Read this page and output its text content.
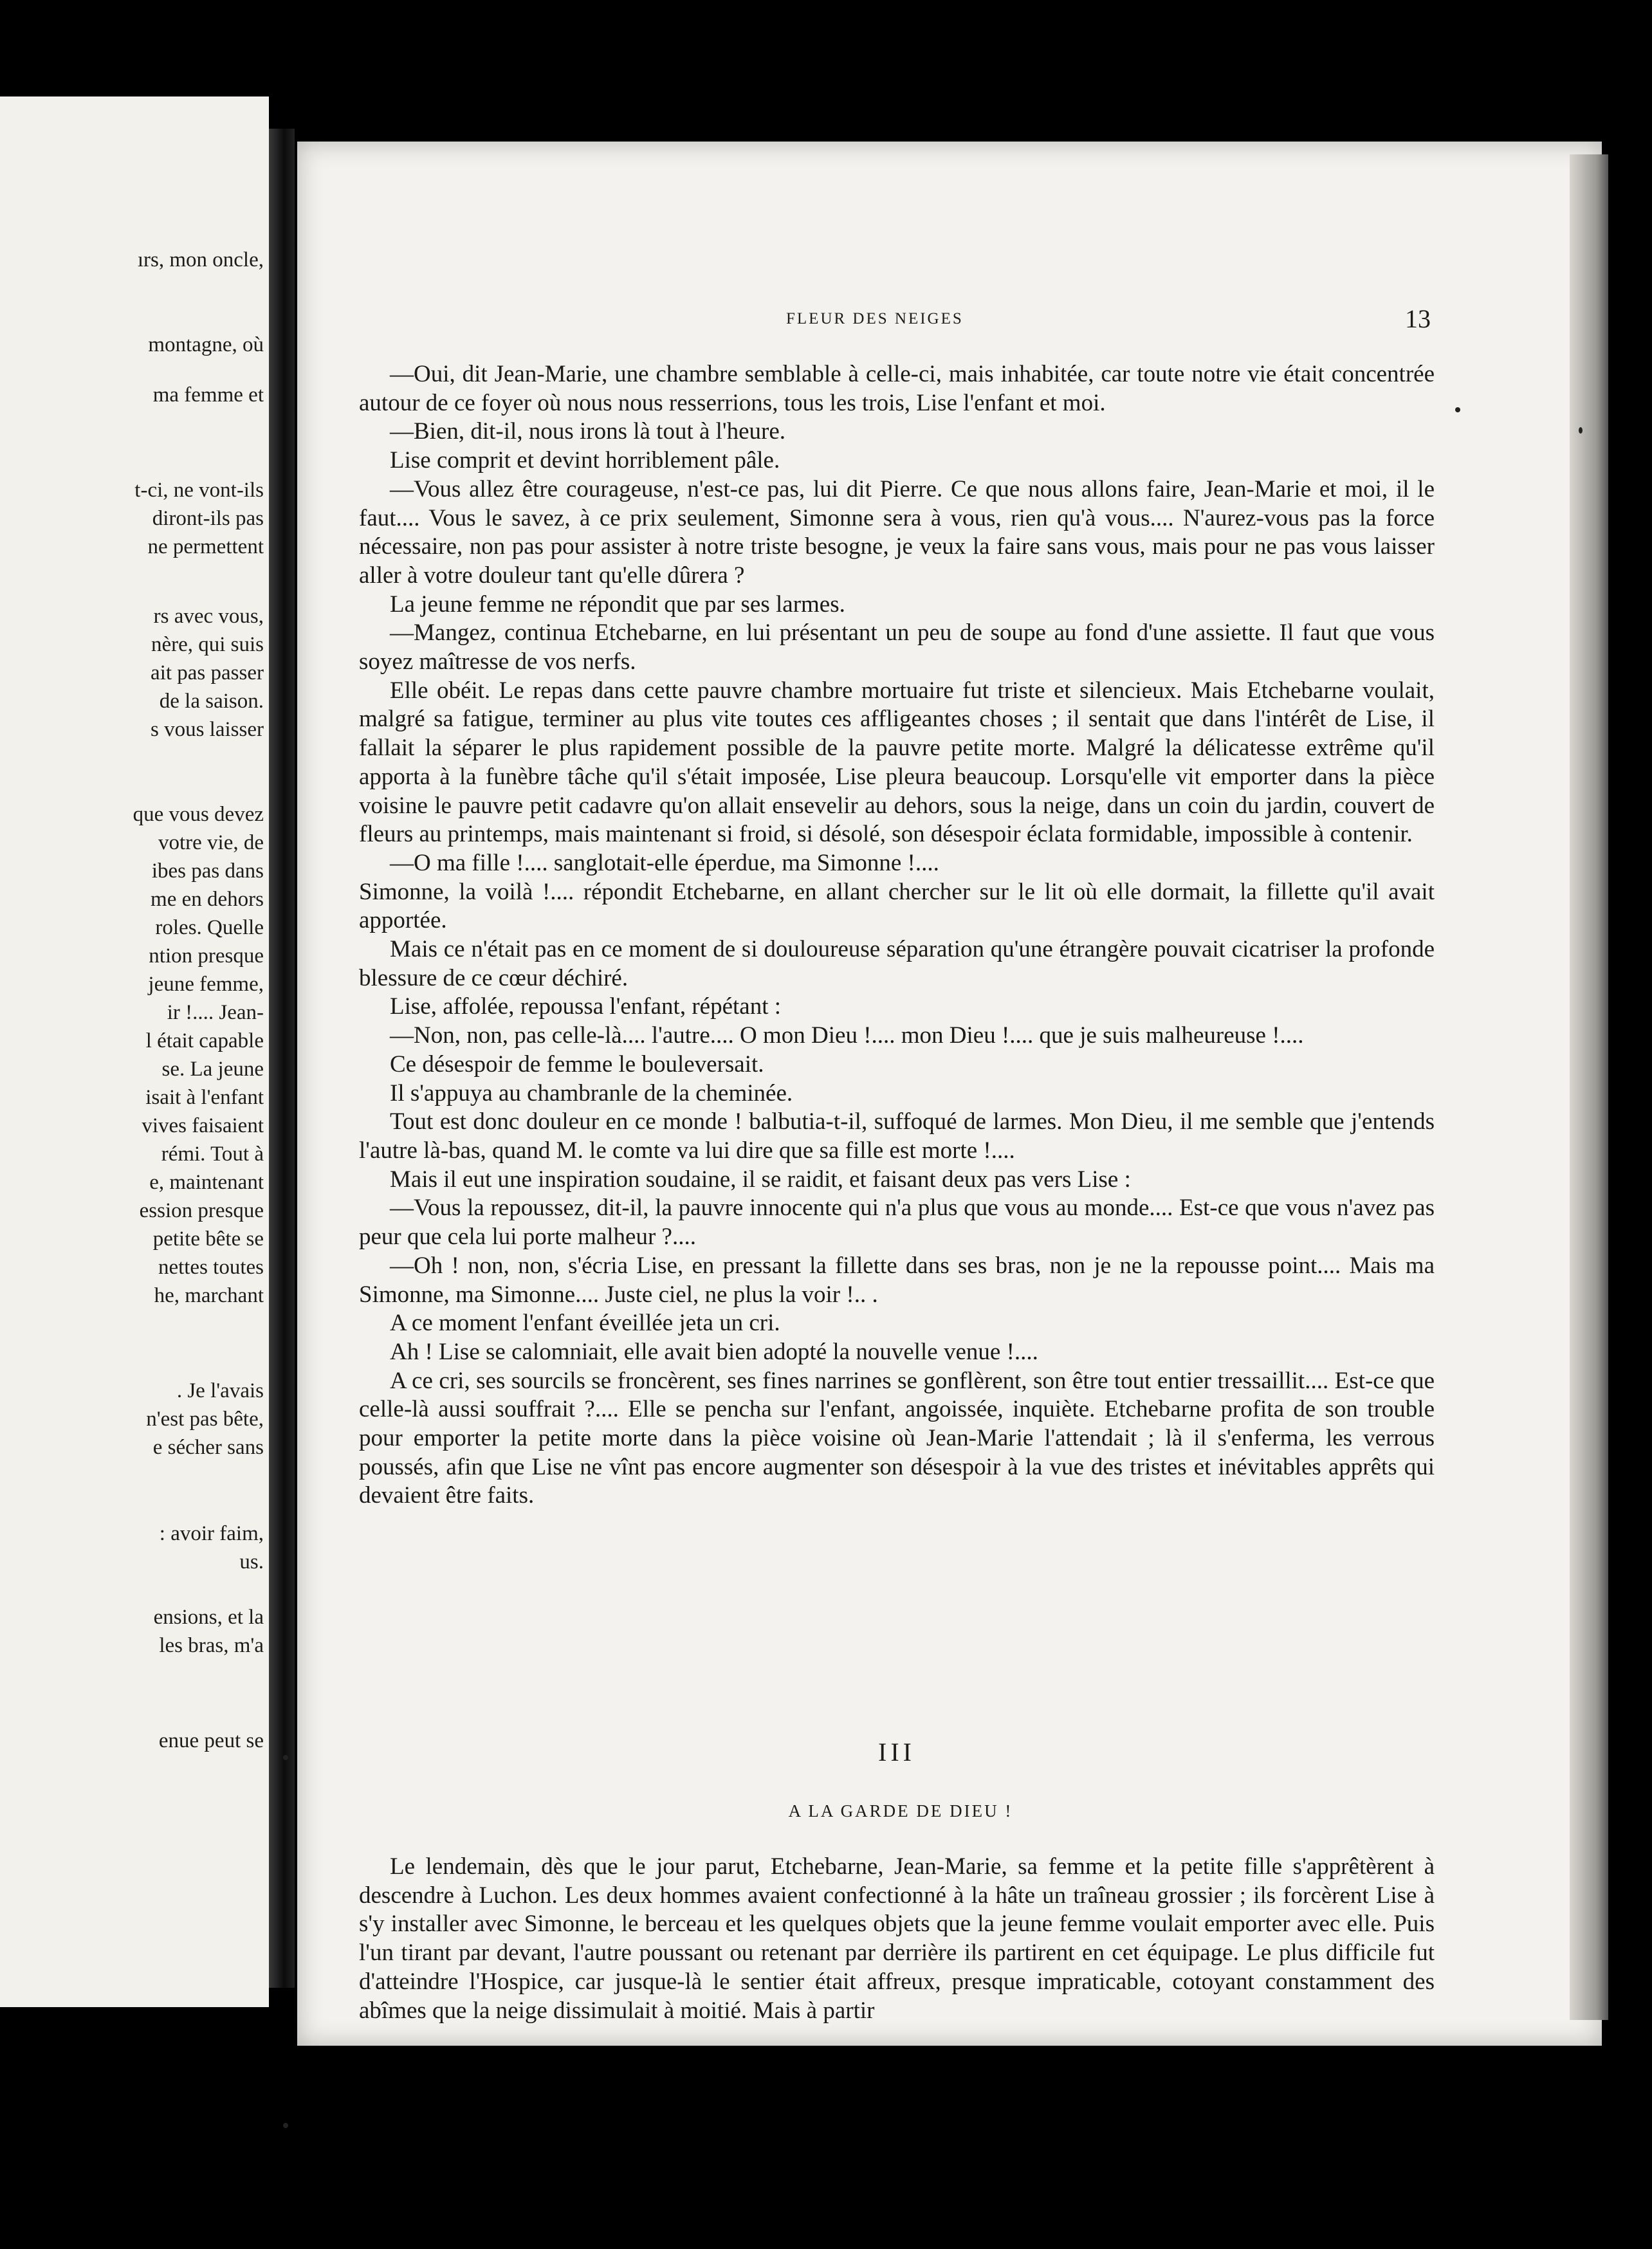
ırs, mon oncle,
montagne, où
ma femme et
t-ci, ne vont-ils
diront-ils pas
ne permettent
rs avec vous,
nère, qui suis
ait pas passer
de la saison.
s vous laisser
que vous devez
votre vie, de
ibes pas dans
me en dehors
roles. Quelle
ntion presque
jeune femme,
ir !.... Jean-
l était capable
se. La jeune
isait à l'enfant
vives faisaient
rémi. Tout à
e, maintenant
ession presque
petite bête se
nettes toutes
he, marchant
. Je l'avais
n'est pas bête,
e sécher sans
: avoir faim,
us.
ensions, et la
les bras, m'a
enue peut se
FLEUR DES NEIGES	13

—Oui, dit Jean-Marie, une chambre semblable à celle-ci, mais inhabitée, car toute notre vie était concentrée autour de ce foyer où nous nous resserrions, tous les trois, Lise l'enfant et moi.

—Bien, dit-il, nous irons là tout à l'heure.

Lise comprit et devint horriblement pâle.

—Vous allez être courageuse, n'est-ce pas, lui dit Pierre. Ce que nous allons faire, Jean-Marie et moi, il le faut.... Vous le savez, à ce prix seulement, Simonne sera à vous, rien qu'à vous.... N'aurez-vous pas la force nécessaire, non pas pour assister à notre triste besogne, je veux la faire sans vous, mais pour ne pas vous laisser aller à votre douleur tant qu'elle dûrera ?

La jeune femme ne répondit que par ses larmes.

—Mangez, continua Etchebarne, en lui présentant un peu de soupe au fond d'une assiette. Il faut que vous soyez maîtresse de vos nerfs.

Elle obéit. Le repas dans cette pauvre chambre mortuaire fut triste et silencieux. Mais Etchebarne voulait, malgré sa fatigue, terminer au plus vite toutes ces affligeantes choses ; il sentait que dans l'intérêt de Lise, il fallait la séparer le plus rapidement possible de la pauvre petite morte. Malgré la délicatesse extrême qu'il apporta à la funèbre tâche qu'il s'était imposée, Lise pleura beaucoup. Lorsqu'elle vit emporter dans la pièce voisine le pauvre petit cadavre qu'on allait ensevelir au dehors, sous la neige, dans un coin du jardin, couvert de fleurs au printemps, mais maintenant si froid, si désolé, son désespoir éclata formidable, impossible à contenir.

—O ma fille !.... sanglotait-elle éperdue, ma Simonne !....

Simonne, la voilà !.... répondit Etchebarne, en allant chercher sur le lit où elle dormait, la fillette qu'il avait apportée.

Mais ce n'était pas en ce moment de si douloureuse séparation qu'une étrangère pouvait cicatriser la profonde blessure de ce cœur déchiré.

Lise, affolée, repoussa l'enfant, répétant :

—Non, non, pas celle-là.... l'autre.... O mon Dieu !.... mon Dieu !.... que je suis malheureuse !....

Ce désespoir de femme le bouleversait.

Il s'appuya au chambranle de la cheminée.

Tout est donc douleur en ce monde ! balbutia-t-il, suffoqué de larmes. Mon Dieu, il me semble que j'entends l'autre là-bas, quand M. le comte va lui dire que sa fille est morte !....

Mais il eut une inspiration soudaine, il se raidit, et faisant deux pas vers Lise :

—Vous la repoussez, dit-il, la pauvre innocente qui n'a plus que vous au monde.... Est-ce que vous n'avez pas peur que cela lui porte malheur ?....

—Oh ! non, non, s'écria Lise, en pressant la fillette dans ses bras, non je ne la repousse point.... Mais ma Simonne, ma Simonne.... Juste ciel, ne plus la voir !.. .

A ce moment l'enfant éveillée jeta un cri.

Ah ! Lise se calomniait, elle avait bien adopté la nouvelle venue !....

A ce cri, ses sourcils se froncèrent, ses fines narrines se gonflèrent, son être tout entier tressaillit.... Est-ce que celle-là aussi souffrait ?.... Elle se pencha sur l'enfant, angoissée, inquiète. Etchebarne profita de son trouble pour emporter la petite morte dans la pièce voisine où Jean-Marie l'attendait ; là il s'enferma, les verrous poussés, afin que Lise ne vînt pas encore augmenter son désespoir à la vue des tristes et inévitables apprêts qui devaient être faits.

III
A LA GARDE DE DIEU !

Le lendemain, dès que le jour parut, Etchebarne, Jean-Marie, sa femme et la petite fille s'apprêtèrent à descendre à Luchon. Les deux hommes avaient confectionné à la hâte un traîneau grossier ; ils forcèrent Lise à s'y installer avec Simonne, le berceau et les quelques objets que la jeune femme voulait emporter avec elle. Puis l'un tirant par devant, l'autre poussant ou retenant par derrière ils partirent en cet équipage. Le plus difficile fut d'atteindre l'Hospice, car jusque-là le sentier était affreux, presque impraticable, cotoyant constamment des abîmes que la neige dissimulait à moitié. Mais à partir
